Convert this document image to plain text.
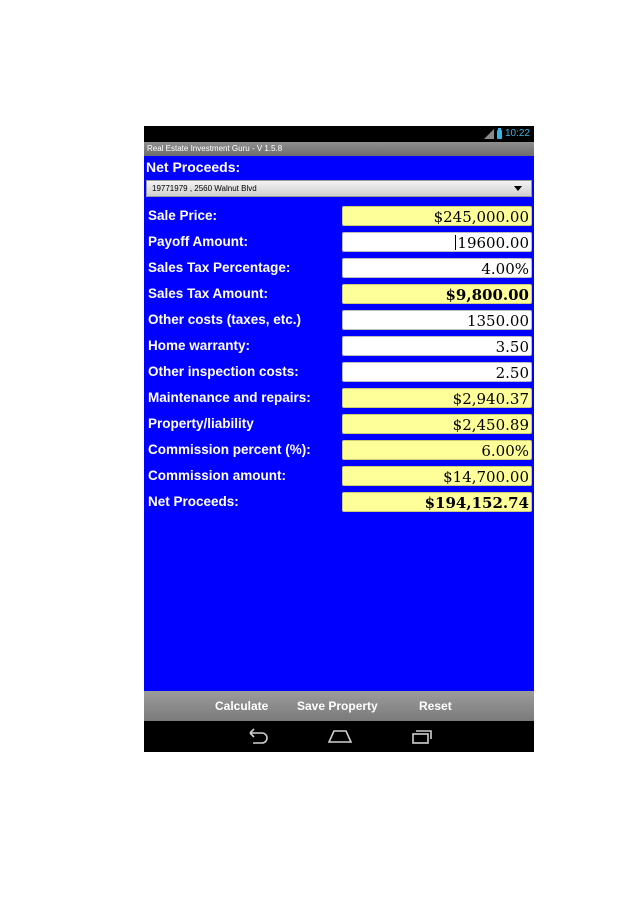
10:22
Real Estate Investment Guru - V 1.5.8
Net Proceeds:
19771979 , 2560 Walnut Blvd
Sale Price:	$245,000.00
Payoff Amount:	19600.00
Sales Tax Percentage:	4.00%
Sales Tax Amount:	$9,800.00
Other costs (taxes, etc.)	1350.00
Home warranty:	3.50
Other inspection costs:	2.50
Maintenance and repairs:	$2,940.37
Property/liability	$2,450.89
Commission percent (%):	6.00%
Commission amount:	$14,700.00
Net Proceeds:	$194,152.74
Calculate Save Property	Reset
